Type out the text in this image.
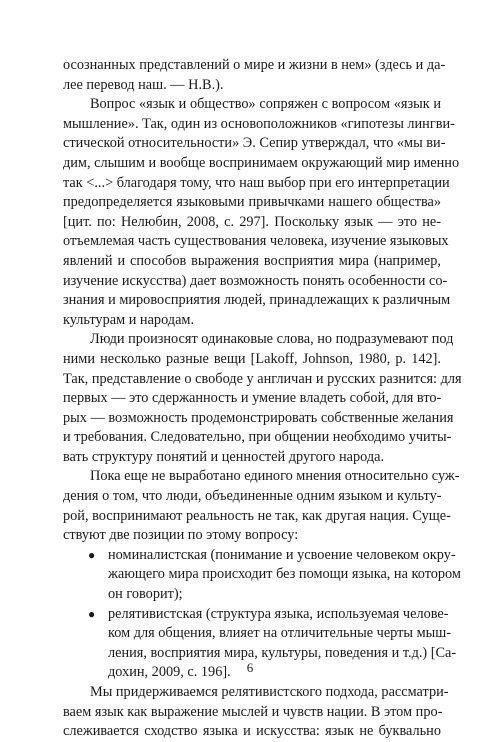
осознанных представлений о мире и жизни в нем» (здесь и да-
лее перевод наш. — Н.В.).
Вопрос «язык и общество» сопряжен с вопросом «язык и
мышление». Так, один из основоположников «гипотезы лингви-
стической относительности» Э. Сепир утверждал, что «мы ви-
дим, слышим и вообще воспринимаем окружающий мир именно
так <...> благодаря тому, что наш выбор при его интерпретации
предопределяется языковыми привычками нашего общества»
[цит. по: Нелюбин, 2008, с. 297]. Поскольку язык — это не-
отъемлемая часть существования человека, изучение языковых
явлений и способов выражения восприятия мира (например,
изучение искусства) дает возможность понять особенности со-
знания и мировосприятия людей, принадлежащих к различным
культурам и народам.
Люди произносят одинаковые слова, но подразумевают под
ними несколько разные вещи [Lakoff, Johnson, 1980, p. 142].
Так, представление о свободе у англичан и русских разнится: для
первых — это сдержанность и умение владеть собой, для вто-
рых — возможность продемонстрировать собственные желания
и требования. Следовательно, при общении необходимо учиты-
вать структуру понятий и ценностей другого народа.
Пока еще не выработано единого мнения относительно суж-
дения о том, что люди, объединенные одним языком и культу-
рой, воспринимают реальность не так, как другая нация. Суще-
ствуют две позиции по этому вопросу:
● номиналистская (понимание и усвоение человеком окру-
жающего мира происходит без помощи языка, на котором
он говорит);
● релятивистская (структура языка, используемая челове-
ком для общения, влияет на отличительные черты мыш-
ления, восприятия мира, культуры, поведения и т.д.) [Са-
дохин, 2009, с. 196].
Мы придерживаемся релятивистского подхода, рассматри-
ваем язык как выражение мыслей и чувств нации. В этом про-
слеживается сходство языка и искусства: язык не буквально
6
